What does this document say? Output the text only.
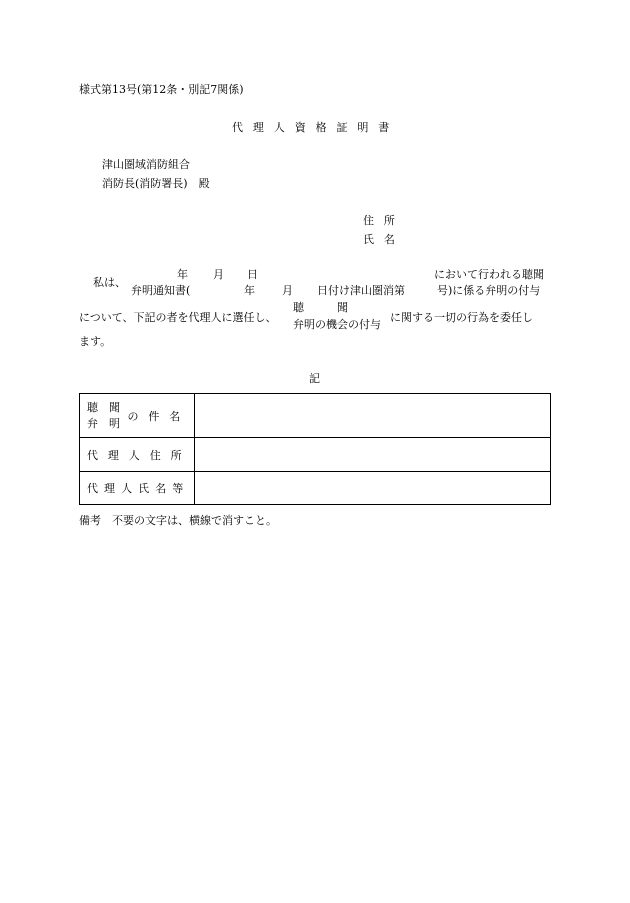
様式第13号(第12条・別記7関係)
代理人資格証明書
津山圏域消防組合
消防長(消防署長)　殿
住所
氏名
私は、
年 月 日	において行われる聴聞
弁明通知書(	年 月 日付け津山圏消第	号)に係る弁明の付与
について、下記の者を代理人に選任し、
聴　　　聞
弁明の機会の付与
に関する一切の行為を委任し
ます。
記
聴　聞
弁　明 の件名	
代理人住所	
代理人氏名等	
備考　不要の文字は、横線で消すこと。
